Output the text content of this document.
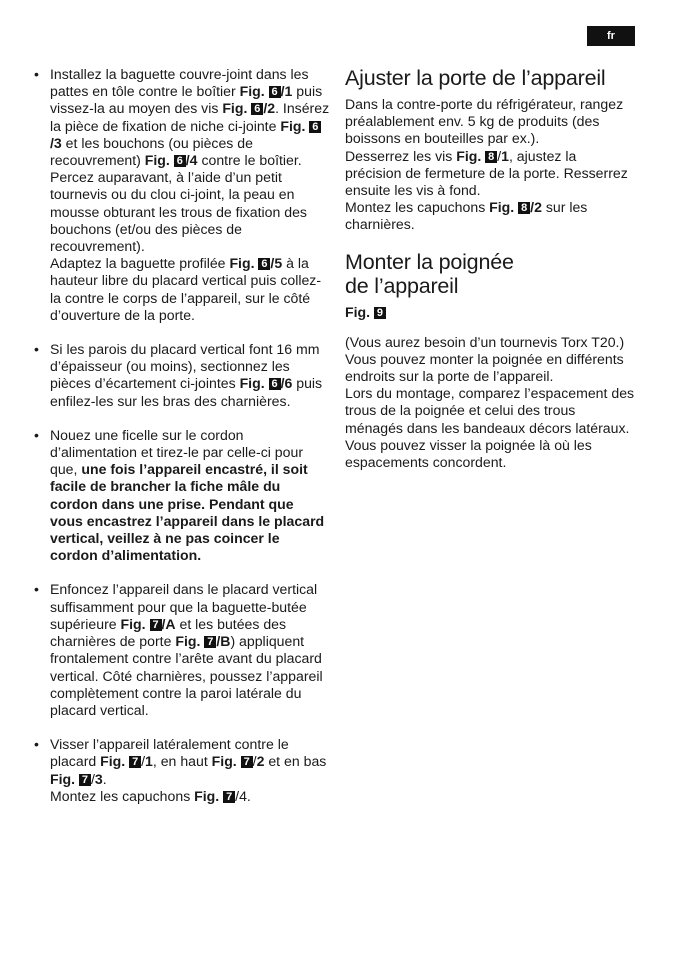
fr
• Installez la baguette couvre-joint dans les pattes en tôle contre le boîtier Fig. 6 /1 puis vissez-la au moyen des vis Fig. 6 /2. Insérez la pièce de fixation de niche ci-jointe Fig. 6/3 et les bouchons (ou pièces de recouvrement) Fig. 6 /4 contre le boîtier. Percez auparavant, à l’aide d’un petit tournevis ou du clou ci-joint, la peau en mousse obturant les trous de fixation des bouchons (et/ou des pièces de recouvrement).
Adaptez la baguette profilée Fig. 6 /5 à la hauteur libre du placard vertical puis collez-la contre le corps de l’appareil, sur le côté d’ouverture de la porte.
• Si les parois du placard vertical font 16 mm d’épaisseur (ou moins), sectionnez les pièces d’écartement ci-jointes Fig. 6 /6 puis enfilez-les sur les bras des charnières.
• Nouez une ficelle sur le cordon d’alimentation et tirez-le par celle-ci pour que, une fois l’appareil encastré, il soit facile de brancher la fiche mâle du cordon dans une prise. Pendant que vous encastrez l’appareil dans le placard vertical, veillez à ne pas coincer le cordon d’alimentation.
• Enfoncez l’appareil dans le placard vertical suffisamment pour que la baguette-butée supérieure Fig. 7 /A et les butées des charnières de porte Fig. 7 /B) appliquent frontalement contre l’arête avant du placard vertical. Côté charnières, poussez l’appareil complètement contre la paroi latérale du placard vertical.
• Visser l’appareil latéralement contre le placard Fig. 7 /1, en haut Fig. 7 /2 et en bas Fig. 7 /3.
Montez les capuchons Fig. 7 /4.
Ajuster la porte de l’appareil

Dans la contre-porte du réfrigérateur, rangez préalablement env. 5 kg de produits (des boissons en bouteilles par ex.).
Desserrez les vis Fig. 8 /1, ajustez la précision de fermeture de la porte. Resserrez ensuite les vis à fond.
Montez les capuchons Fig. 8 /2 sur les charnières.

Monter la poignée
de l’appareil
Fig. 9

(Vous aurez besoin d’un tournevis Torx T20.)
Vous pouvez monter la poignée en différents endroits sur la porte de l’appareil.
Lors du montage, comparez l’espacement des trous de la poignée et celui des trous ménagés dans les bandeaux décors latéraux. Vous pouvez visser la poignée là où les espacements concordent.
